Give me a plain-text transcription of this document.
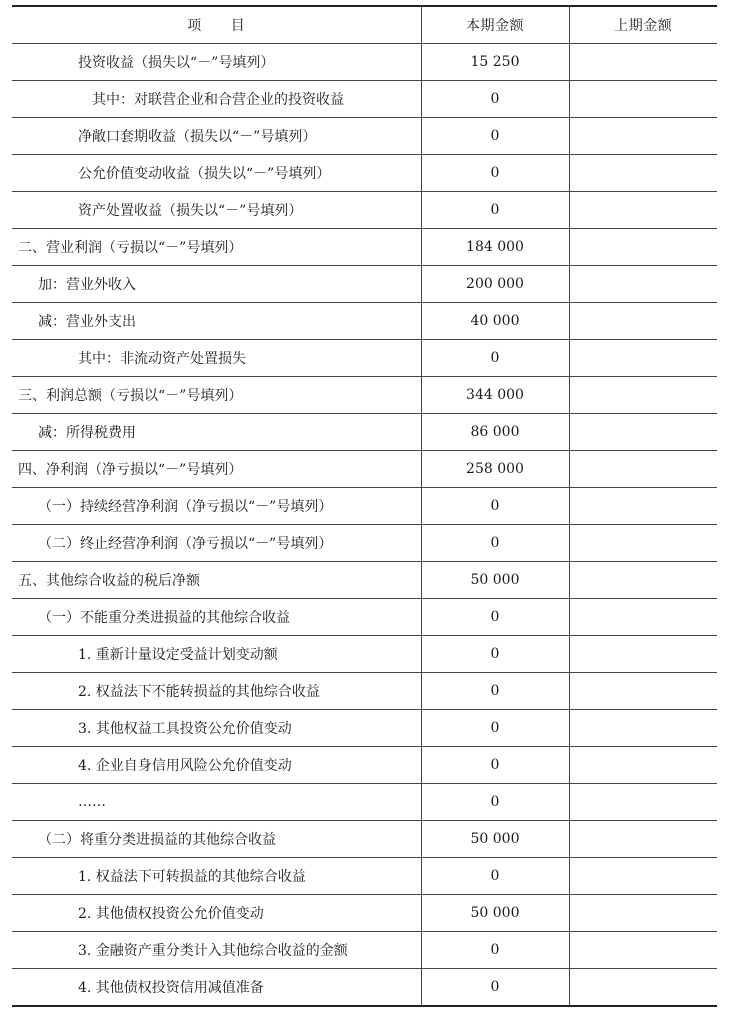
项　　目	本期金额	上期金额
投资收益（损失以“－”号填列）	15 250	
其中：对联营企业和合营企业的投资收益	0	
净敞口套期收益（损失以“－”号填列）	0	
公允价值变动收益（损失以“－”号填列）	0	
资产处置收益（损失以“－”号填列）	0	
二、营业利润（亏损以“－”号填列）	184 000	
加：营业外收入	200 000	
减：营业外支出	40 000	
其中：非流动资产处置损失	0	
三、利润总额（亏损以“－”号填列）	344 000	
减：所得税费用	86 000	
四、净利润（净亏损以“－”号填列）	258 000	
（一）持续经营净利润（净亏损以“－”号填列）	0	
（二）终止经营净利润（净亏损以“－”号填列）	0	
五、其他综合收益的税后净额	50 000	
（一）不能重分类进损益的其他综合收益	0	
1. 重新计量设定受益计划变动额	0	
2. 权益法下不能转损益的其他综合收益	0	
3. 其他权益工具投资公允价值变动	0	
4. 企业自身信用风险公允价值变动	0	
……	0	
（二）将重分类进损益的其他综合收益	50 000	
1. 权益法下可转损益的其他综合收益	0	
2. 其他债权投资公允价值变动	50 000	
3. 金融资产重分类计入其他综合收益的金额	0	
4. 其他债权投资信用减值准备	0	
